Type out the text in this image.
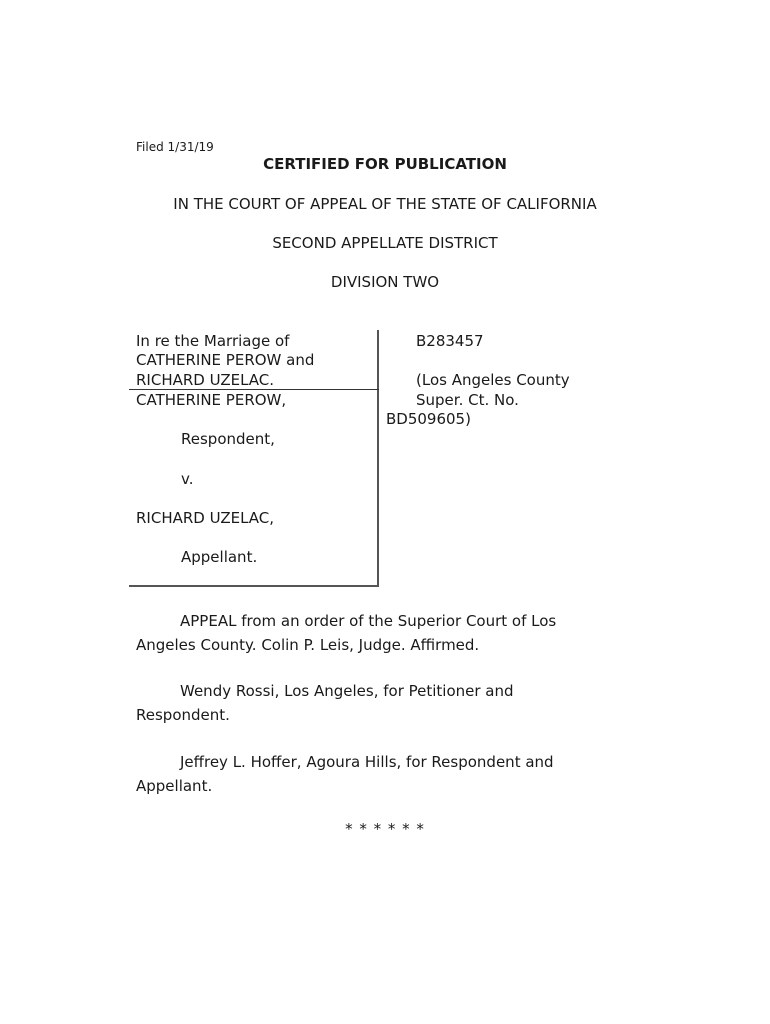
Filed 1/31/19
CERTIFIED FOR PUBLICATION
IN THE COURT OF APPEAL OF THE STATE OF CALIFORNIA
SECOND APPELLATE DISTRICT
DIVISION TWO
In re the Marriage of
CATHERINE PEROW and
RICHARD UZELAC.
CATHERINE PEROW,
Respondent,
v.
RICHARD UZELAC,
Appellant.
B283457
(Los Angeles County
Super. Ct. No.
BD509605)
APPEAL from an order of the Superior Court of Los
Angeles County. Colin P. Leis, Judge. Affirmed.
Wendy Rossi, Los Angeles, for Petitioner and
Respondent.
Jeffrey L. Hoffer, Agoura Hills, for Respondent and
Appellant.
* * * * * *
